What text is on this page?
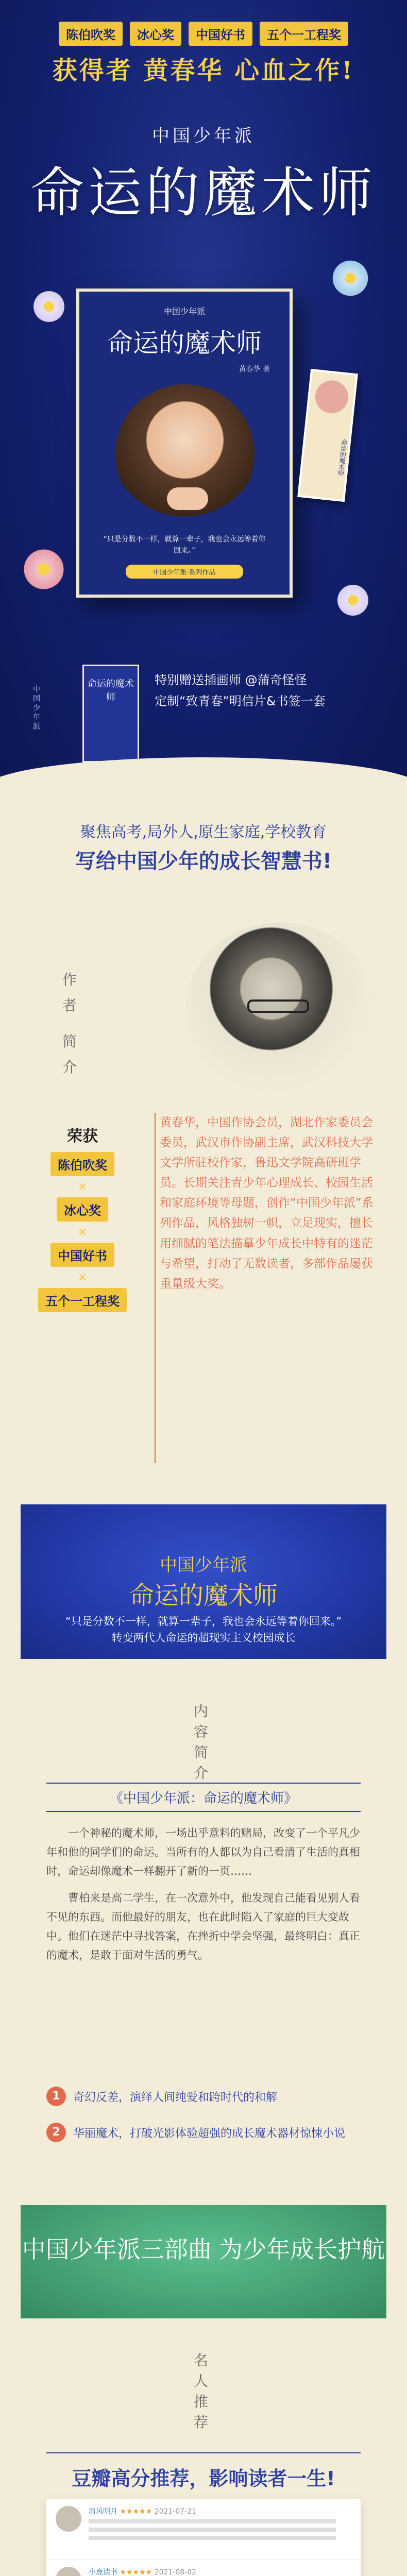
陈伯吹奖	冰心奖	中国好书	五个一工程奖
获得者 黄春华 心血之作!
中国少年派
命运的魔术师
中国少年派
命运的魔术师
黄春华 著
“只是分数不一样，就算一辈子，我也会永远等着你回来。”
中国少年派·系列作品
命运的魔术师
中国少年派
命运的魔术师
特别赠送插画师 @蒲奇怪怪
定制“致青春”明信片&书签一套
聚焦高考,局外人,原生家庭,学校教育
写给中国少年的成长智慧书!
作
者
简
介
荣获
陈伯吹奖
×
冰心奖
×
中国好书
×
五个一工程奖
黄春华，中国作协会员，湖北作家委员会委员，武汉市作协副主席，武汉科技大学文学所驻校作家，鲁迅文学院高研班学员。长期关注青少年心理成长、校园生活和家庭环境等母题，创作“中国少年派”系列作品，风格独树一帜，立足现实，擅长用细腻的笔法描摹少年成长中特有的迷茫与希望，打动了无数读者，多部作品屡获重量级大奖。
中国少年派
命运的魔术师
“只是分数不一样，就算一辈子，我也会永远等着你回来。”
转变两代人命运的超现实主义校园成长
内
容
简
介
《中国少年派：命运的魔术师》

一个神秘的魔术师，一场出乎意料的赌局，改变了一个平凡少年和他的同学们的命运。当所有的人都以为自己看清了生活的真相时，命运却像魔术一样翻开了新的一页……

曹柏来是高二学生，在一次意外中，他发现自己能看见别人看不见的东西。而他最好的朋友，也在此时陷入了家庭的巨大变故中。他们在迷茫中寻找答案，在挫折中学会坚强，最终明白：真正的魔术，是敢于面对生活的勇气。

1	奇幻反差，演绎人间纯爱和跨时代的和解
2	华丽魔术，打破光影体验超强的成长魔术器材惊悚小说
中国少年派三部曲 为少年成长护航
名
人
推
荐
豆瓣高分推荐，影响读者一生!
清风明月 ★★★★★ 2021-07-21
小鹿读书 ★★★★★ 2021-08-02
